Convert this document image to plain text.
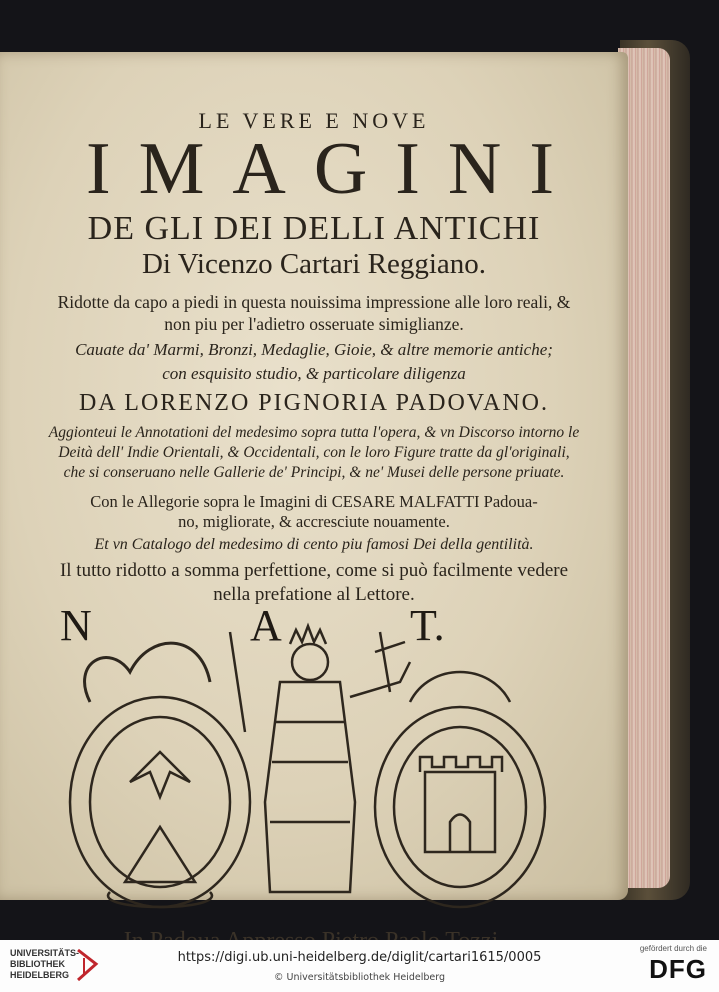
LE VERE E NOVE
IMAGINI
DE GLI DEI DELLI ANTICHI
Di Vicenzo Cartari Reggiano.
Ridotte da capo a piedi in questa nouissima impressione alle loro reali, &
non piu per l'adietro osseruate simiglianze.
Cauate da' Marmi, Bronzi, Medaglie, Gioie, & altre memorie antiche;
con esquisito studio, & particolare diligenza
DA LORENZO PIGNORIA PADOVANO.
Aggionteui le Annotationi del medesimo sopra tutta l'opera, & vn Discorso intorno le
Deità dell' Indie Orientali, & Occidentali, con le loro Figure tratte da gl'originali,
che si conseruano nelle Gallerie de' Principi, & ne' Musei delle persone priuate.
Con le Allegorie sopra le Imagini di CESARE MALFATTI Padoua-
no, migliorate, & accresciute nouamente.
Et vn Catalogo del medesimo di cento piu famosi Dei della gentilità.
Il tutto ridotto a somma perfettione, come si può facilmente vedere
nella prefatione al Lettore.
N	A	T.
UNIVERSITÄTS-
BIBLIOTHEK
HEIDELBERG
https://digi.ub.uni-heidelberg.de/diglit/cartari1615/0005
© Universitätsbibliothek Heidelberg
gefördert durch die
DFG
